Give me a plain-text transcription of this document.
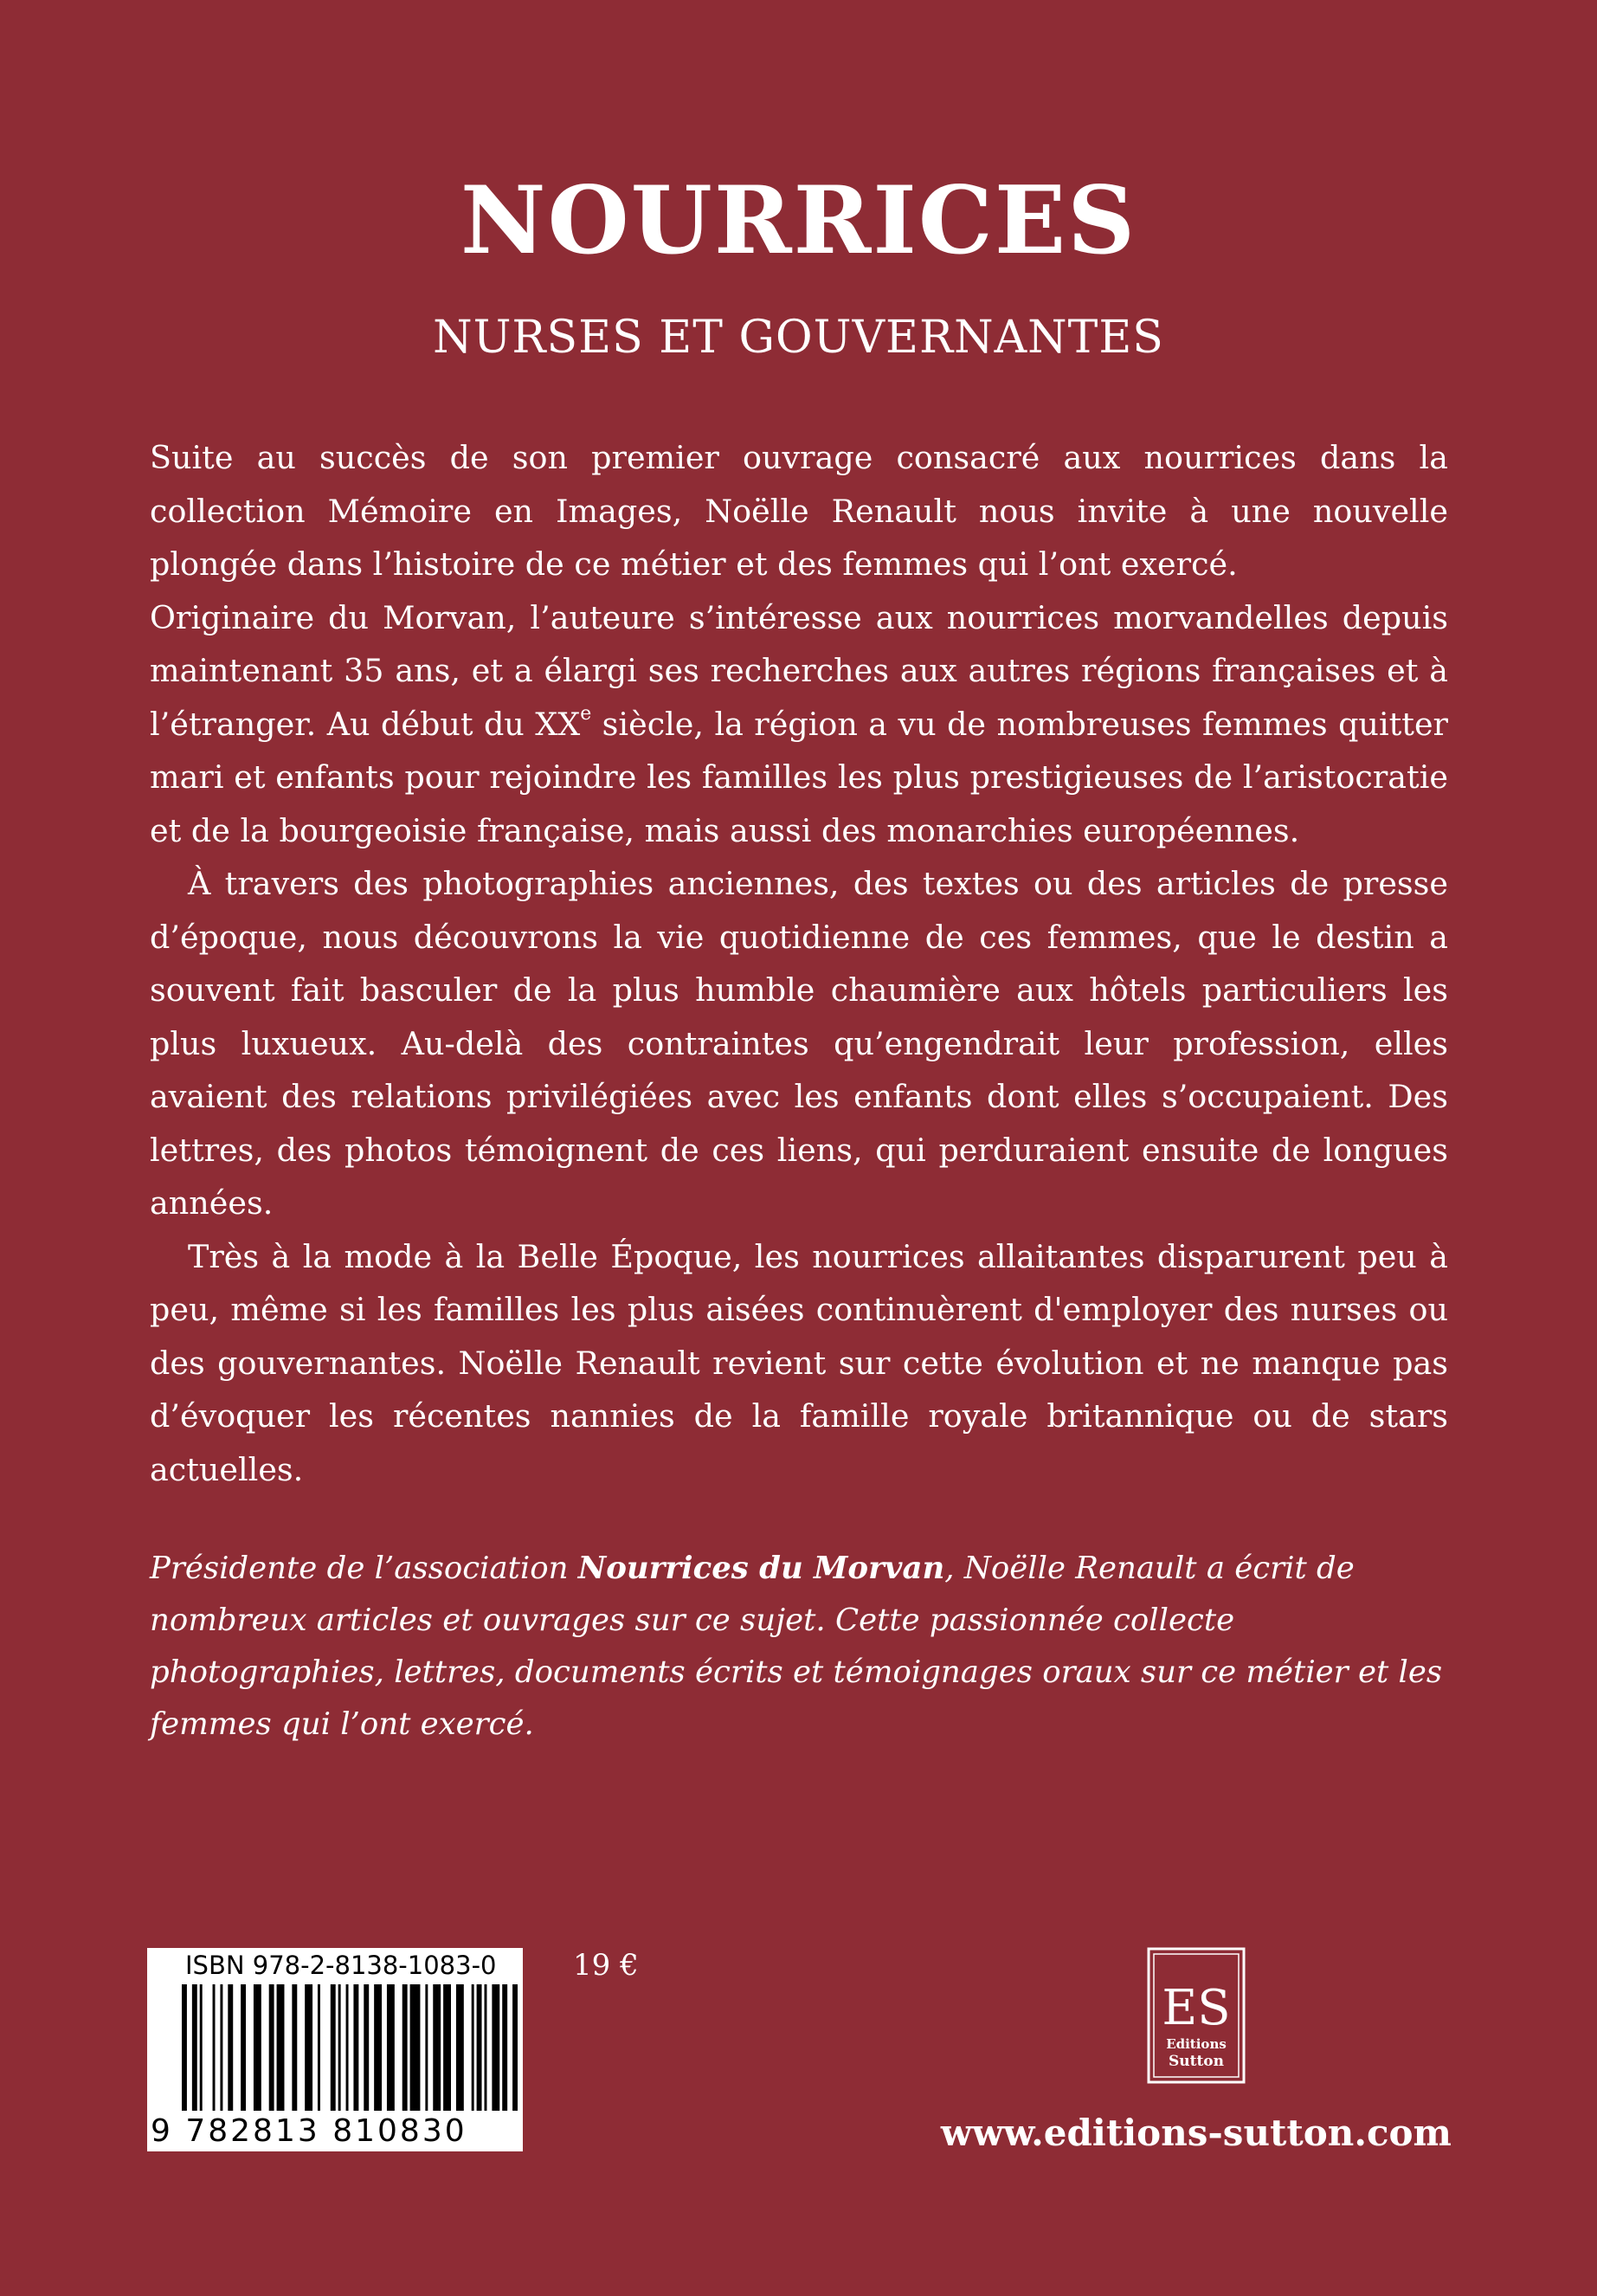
NOURRICES
NURSES ET GOUVERNANTES

Suite au succès de son premier ouvrage consacré aux nourrices dans la collection Mémoire en Images, Noëlle Renault nous invite à une nouvelle plongée dans l’histoire de ce métier et des femmes qui l’ont exercé.

Originaire du Morvan, l’auteure s’intéresse aux nourrices morvandelles depuis maintenant 35 ans, et a élargi ses recherches aux autres régions françaises et à l’étranger. Au début du XXe siècle, la région a vu de nombreuses femmes quitter mari et enfants pour rejoindre les familles les plus prestigieuses de l’aristocratie et de la bourgeoisie française, mais aussi des monarchies européennes.

À travers des photographies anciennes, des textes ou des articles de presse d’époque, nous découvrons la vie quotidienne de ces femmes, que le destin a souvent fait basculer de la plus humble chaumière aux hôtels particuliers les plus luxueux. Au-delà des contraintes qu’engendrait leur profession, elles avaient des relations privilégiées avec les enfants dont elles s’occupaient. Des lettres, des photos témoignent de ces liens, qui perduraient ensuite de longues années.

Très à la mode à la Belle Époque, les nourrices allaitantes disparurent peu à peu, même si les familles les plus aisées continuèrent d'employer des nurses ou des gouvernantes. Noëlle Renault revient sur cette évolution et ne manque pas d’évoquer les récentes nannies de la famille royale britannique ou de stars actuelles.

Présidente de l’association Nourrices du Morvan, Noëlle Renault a écrit de nombreux articles et ouvrages sur ce sujet. Cette passionnée collecte photographies, lettres, documents écrits et témoignages oraux sur ce métier et les femmes qui l’ont exercé.
ISBN 978-2-8138-1083-0
9 782813 810830
19 €
ES
Editions
Sutton
www.editions-sutton.com
